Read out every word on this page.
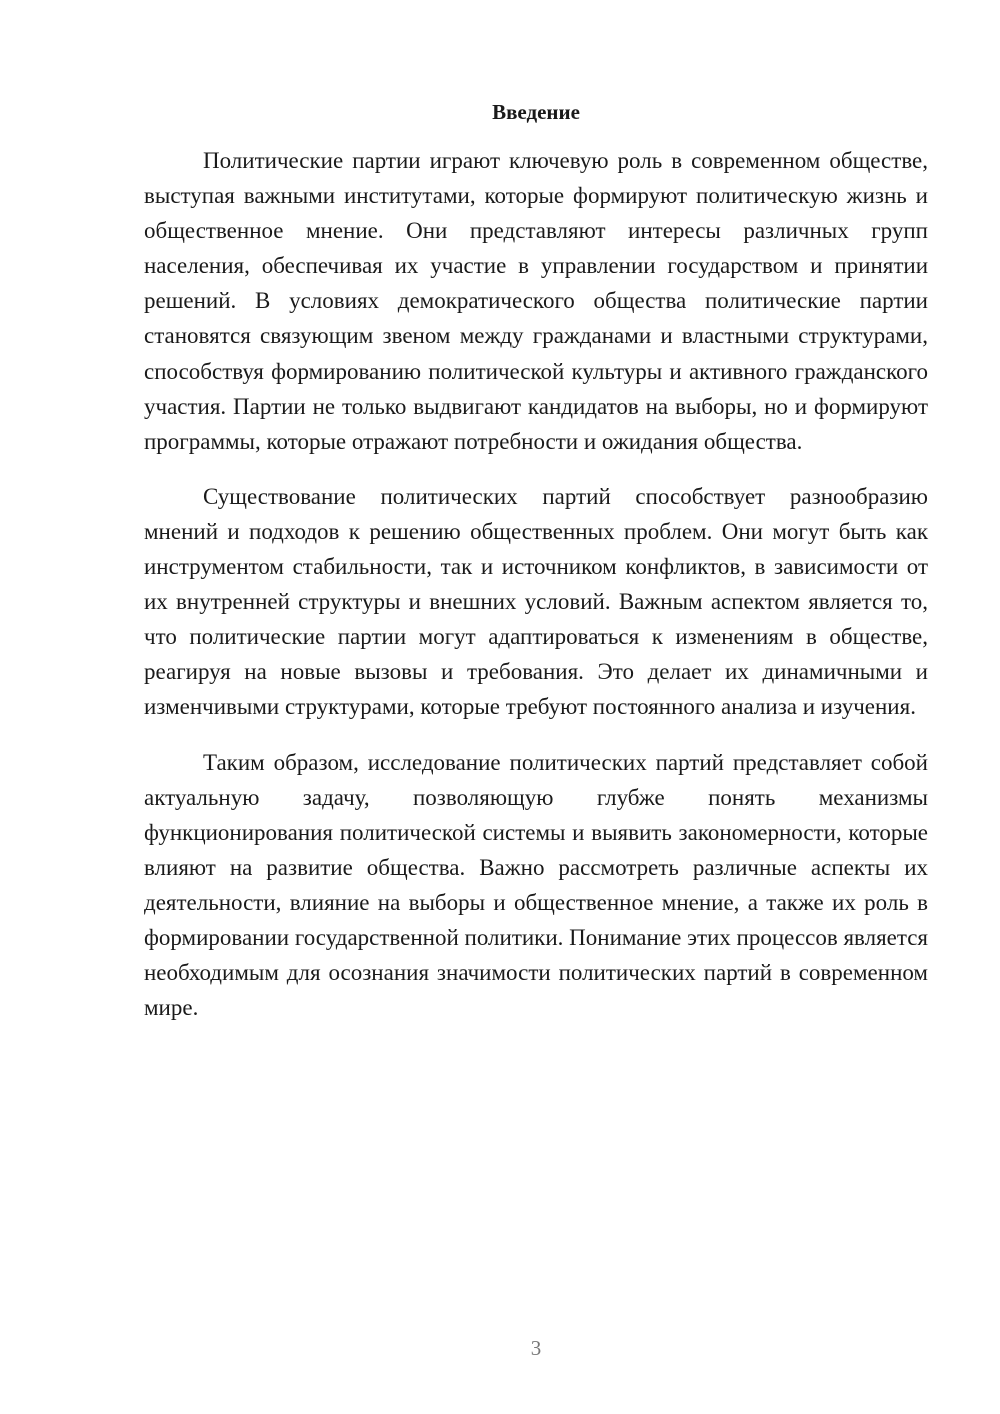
Введение

Политические партии играют ключевую роль в современном обществе, выступая важными институтами, которые формируют политическую жизнь и общественное мнение. Они представляют интересы различных групп населения, обеспечивая их участие в управлении государством и принятии решений. В условиях демократического общества политические партии становятся связующим звеном между гражданами и властными структурами, способствуя формированию политической культуры и активного гражданского участия. Партии не только выдвигают кандидатов на выборы, но и формируют программы, которые отражают потребности и ожидания общества.

Существование политических партий способствует разнообразию мнений и подходов к решению общественных проблем. Они могут быть как инструментом стабильности, так и источником конфликтов, в зависимости от их внутренней структуры и внешних условий. Важным аспектом является то, что политические партии могут адаптироваться к изменениям в обществе, реагируя на новые вызовы и требования. Это делает их динамичными и изменчивыми структурами, которые требуют постоянного анализа и изучения.

Таким образом, исследование политических партий представляет собой актуальную задачу, позволяющую глубже понять механизмы функционирования политической системы и выявить закономерности, которые влияют на развитие общества. Важно рассмотреть различные аспекты их деятельности, влияние на выборы и общественное мнение, а также их роль в формировании государственной политики. Понимание этих процессов является необходимым для осознания значимости политических партий в современном мире.

3
